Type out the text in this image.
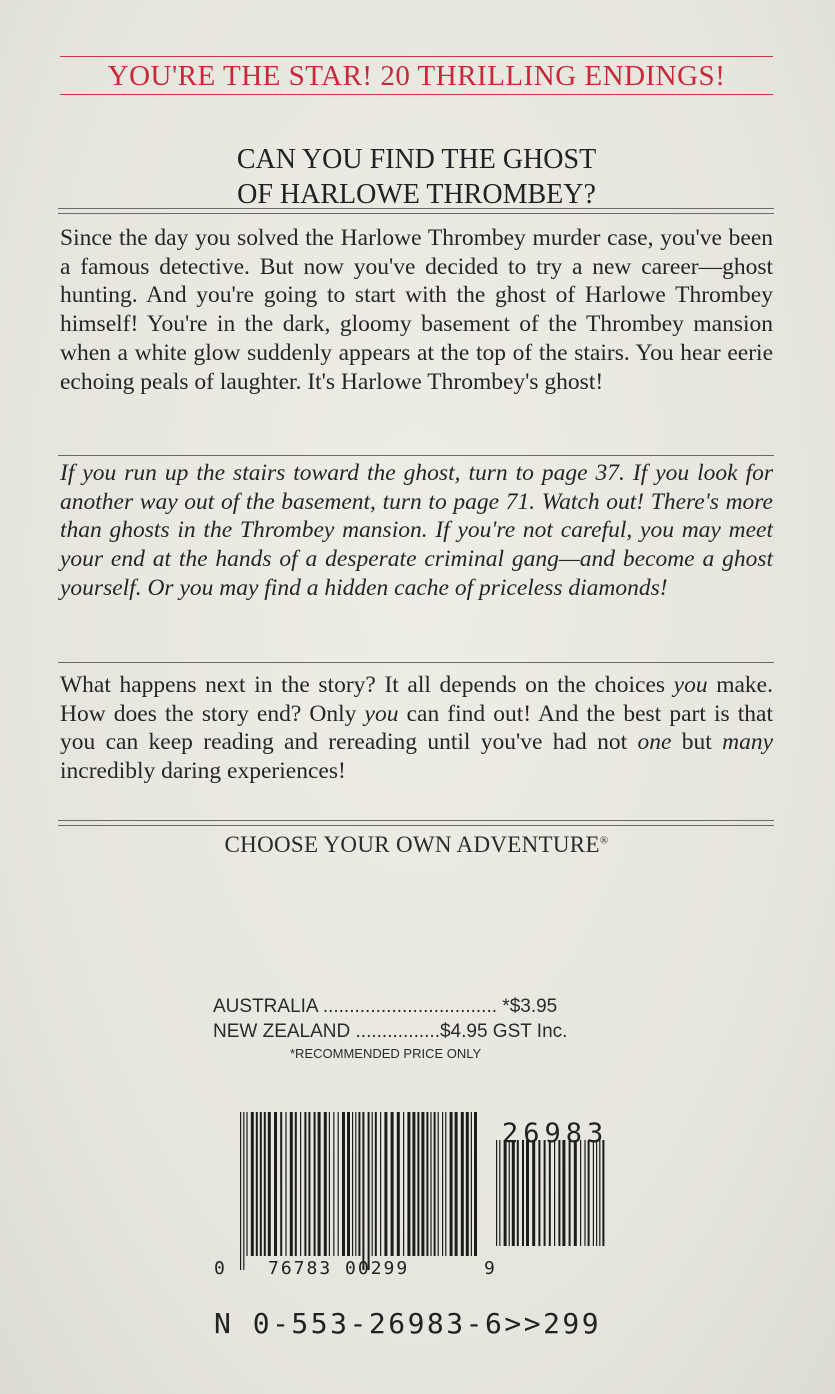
YOU'RE THE STAR! 20 THRILLING ENDINGS!
CAN YOU FIND THE GHOST
OF HARLOWE THROMBEY?

Since the day you solved the Harlowe Thrombey murder case, you've been a famous detective. But now you've decided to try a new career—ghost hunting. And you're going to start with the ghost of Harlowe Thrombey himself! You're in the dark, gloomy basement of the Thrombey mansion when a white glow suddenly appears at the top of the stairs. You hear eerie echoing peals of laughter. It's Harlowe Thrombey's ghost!

If you run up the stairs toward the ghost, turn to page 37. If you look for another way out of the basement, turn to page 71. Watch out! There's more than ghosts in the Thrombey mansion. If you're not careful, you may meet your end at the hands of a desperate criminal gang—and become a ghost yourself. Or you may find a hidden cache of priceless diamonds!

What happens next in the story? It all depends on the choices you make. How does the story end? Only you can find out! And the best part is that you can keep reading and rereading until you've had not one but many incredibly daring experiences!

CHOOSE YOUR OWN ADVENTURE®
AUSTRALIA ................................. *$3.95
NEW ZEALAND ................$4.95 GST Inc.
*RECOMMENDED PRICE ONLY
26983
0 76783 00299	9
N 0-553-26983-6>>299
